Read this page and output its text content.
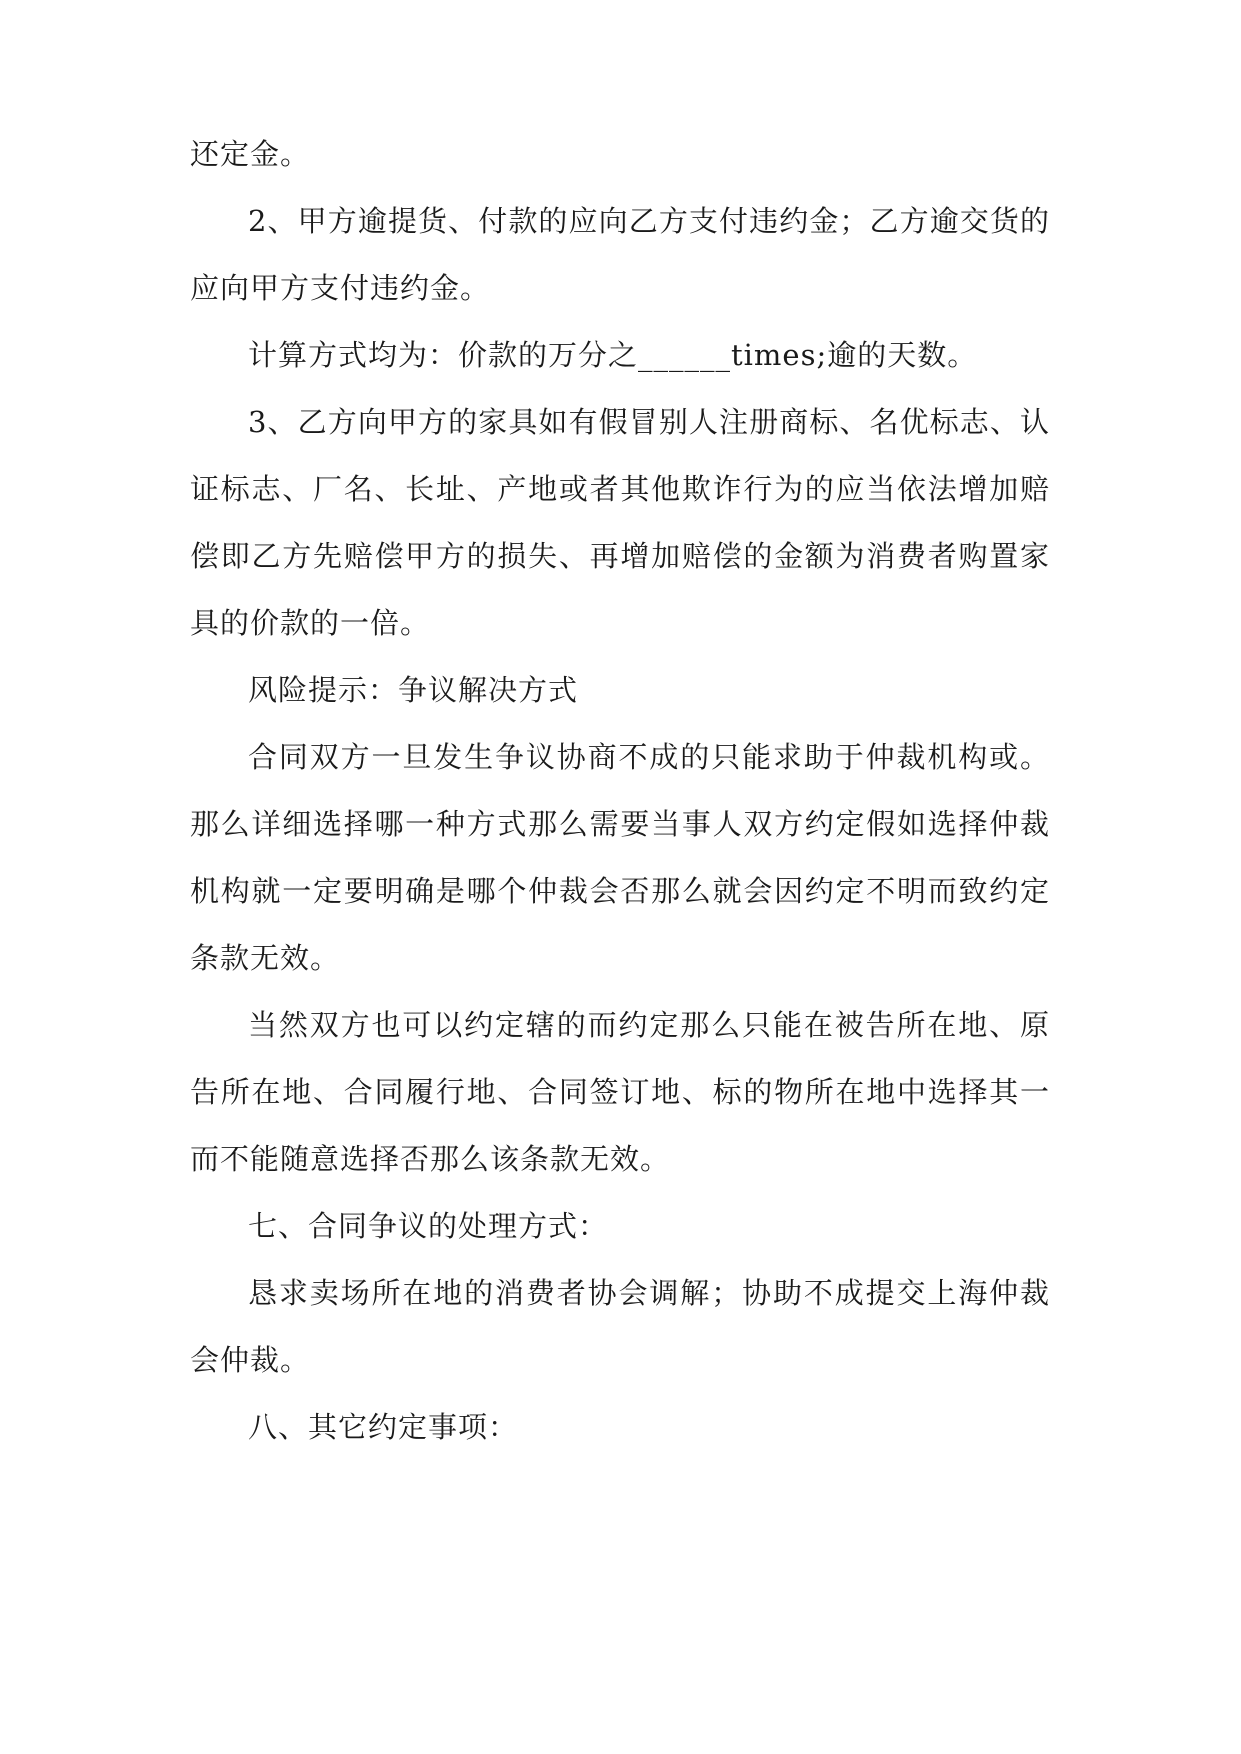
还定金。

2、甲方逾提货、付款的应向乙方支付违约金；乙方逾交货的应向甲方支付违约金。

计算方式均为：价款的万分之______times;逾的天数。

3、乙方向甲方的家具如有假冒别人注册商标、名优标志、认证标志、厂名、长址、产地或者其他欺诈行为的应当依法增加赔偿即乙方先赔偿甲方的损失、再增加赔偿的金额为消费者购置家具的价款的一倍。

风险提示：争议解决方式

合同双方一旦发生争议协商不成的只能求助于仲裁机构或。那么详细选择哪一种方式那么需要当事人双方约定假如选择仲裁机构就一定要明确是哪个仲裁会否那么就会因约定不明而致约定条款无效。

当然双方也可以约定辖的而约定那么只能在被告所在地、原告所在地、合同履行地、合同签订地、标的物所在地中选择其一而不能随意选择否那么该条款无效。

七、合同争议的处理方式：

恳求卖场所在地的消费者协会调解；协助不成提交上海仲裁会仲裁。

八、其它约定事项：
